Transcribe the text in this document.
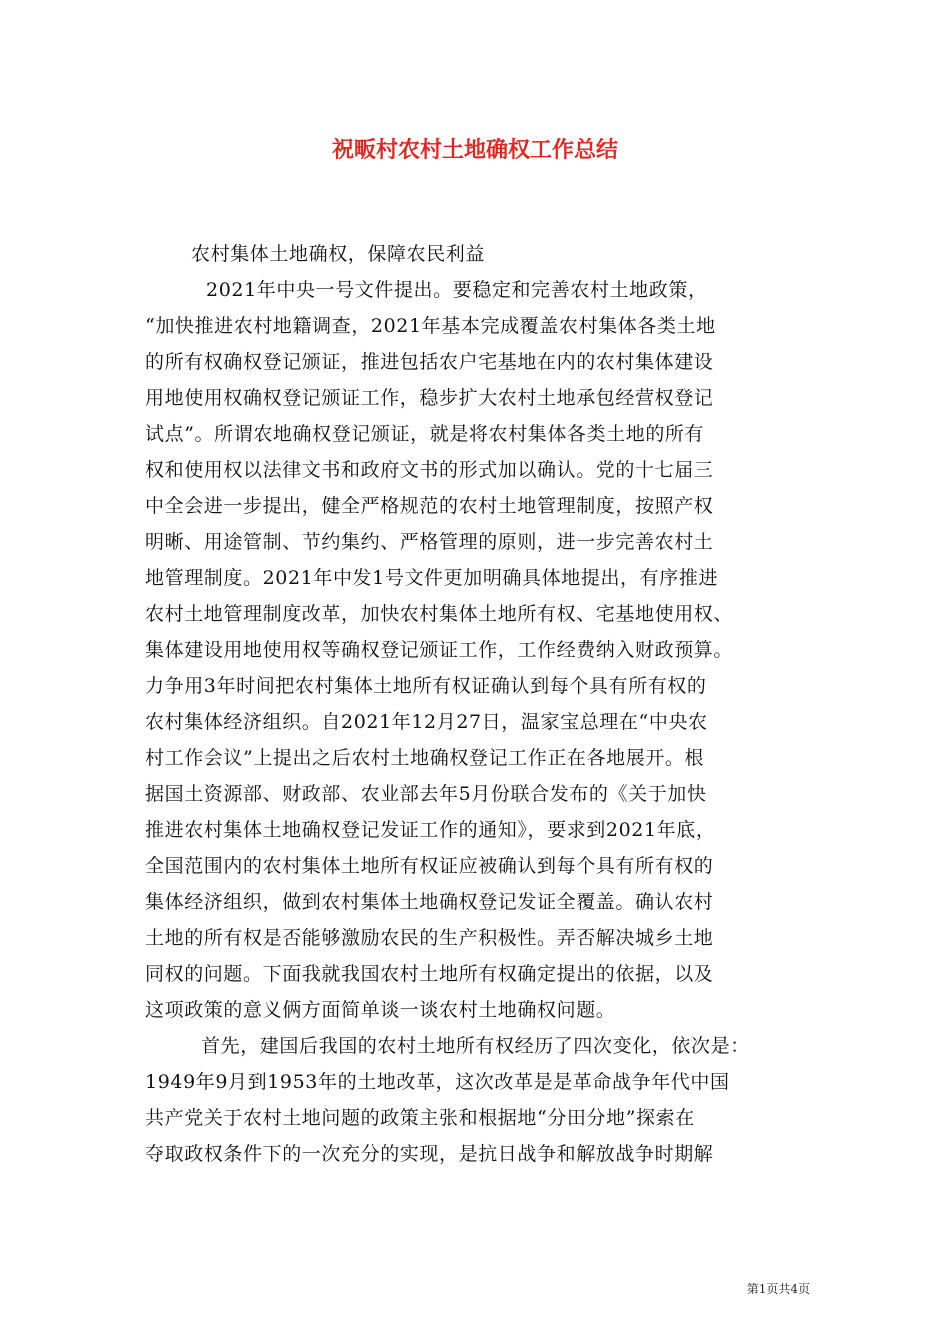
祝畈村农村土地确权工作总结
农村集体土地确权，保障农民利益
2021年中央一号文件提出。要稳定和完善农村土地政策，
“加快推进农村地籍调查，2021年基本完成覆盖农村集体各类土地
的所有权确权登记颁证，推进包括农户宅基地在内的农村集体建设
用地使用权确权登记颁证工作，稳步扩大农村土地承包经营权登记
试点”。所谓农地确权登记颁证，就是将农村集体各类土地的所有
权和使用权以法律文书和政府文书的形式加以确认。党的十七届三
中全会进一步提出，健全严格规范的农村土地管理制度，按照产权
明晰、用途管制、节约集约、严格管理的原则，进一步完善农村土
地管理制度。2021年中发1号文件更加明确具体地提出，有序推进
农村土地管理制度改革，加快农村集体土地所有权、宅基地使用权、
集体建设用地使用权等确权登记颁证工作，工作经费纳入财政预算。
力争用3年时间把农村集体土地所有权证确认到每个具有所有权的
农村集体经济组织。自2021年12月27日，温家宝总理在“中央农
村工作会议”上提出之后农村土地确权登记工作正在各地展开。根
据国土资源部、财政部、农业部去年5月份联合发布的《关于加快
推进农村集体土地确权登记发证工作的通知》，要求到2021年底，
全国范围内的农村集体土地所有权证应被确认到每个具有所有权的
集体经济组织，做到农村集体土地确权登记发证全覆盖。确认农村
土地的所有权是否能够激励农民的生产积极性。弄否解决城乡土地
同权的问题。下面我就我国农村土地所有权确定提出的依据，以及
这项政策的意义俩方面简单谈一谈农村土地确权问题。
首先，建国后我国的农村土地所有权经历了四次变化，依次是：
1949年9月到1953年的土地改革，这次改革是是革命战争年代中国
共产党关于农村土地问题的政策主张和根据地“分田分地”探索在
夺取政权条件下的一次充分的实现，是抗日战争和解放战争时期解
第1页共4页
